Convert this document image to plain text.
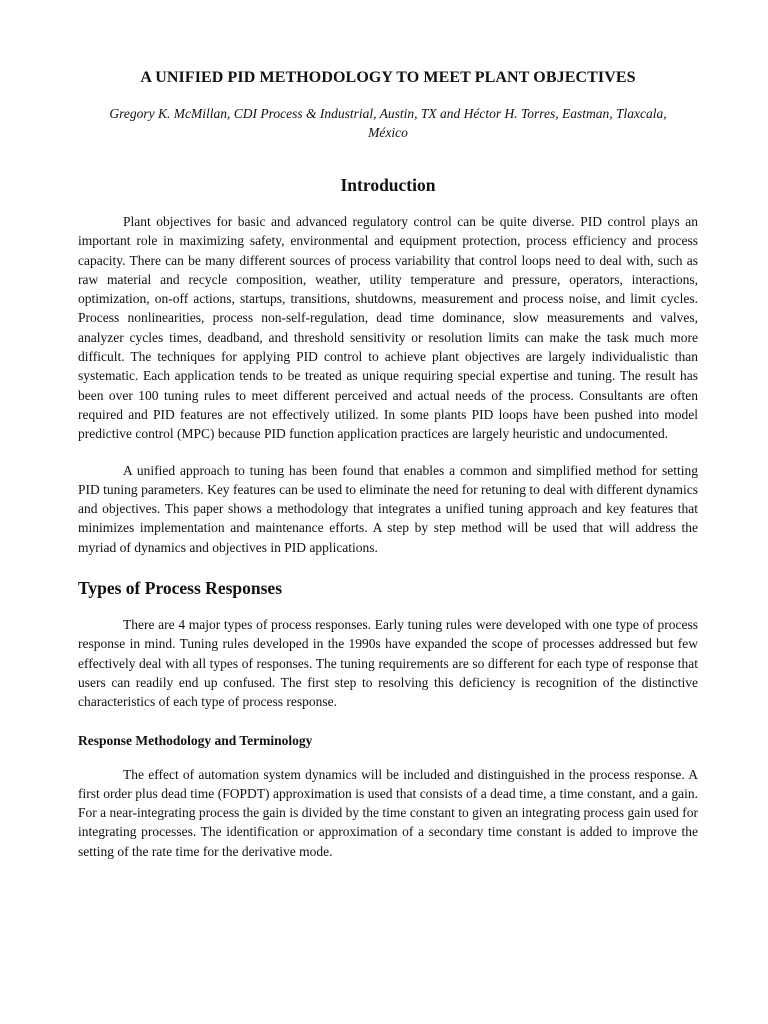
A UNIFIED PID METHODOLOGY TO MEET PLANT OBJECTIVES

Gregory K. McMillan, CDI Process & Industrial, Austin, TX and Héctor H. Torres, Eastman, Tlaxcala, México

Introduction

Plant objectives for basic and advanced regulatory control can be quite diverse. PID control plays an important role in maximizing safety, environmental and equipment protection, process efficiency and process capacity. There can be many different sources of process variability that control loops need to deal with, such as raw material and recycle composition, weather, utility temperature and pressure, operators, interactions, optimization, on-off actions, startups, transitions, shutdowns, measurement and process noise, and limit cycles. Process nonlinearities, process non-self-regulation, dead time dominance, slow measurements and valves, analyzer cycles times, deadband, and threshold sensitivity or resolution limits can make the task much more difficult. The techniques for applying PID control to achieve plant objectives are largely individualistic than systematic. Each application tends to be treated as unique requiring special expertise and tuning. The result has been over 100 tuning rules to meet different perceived and actual needs of the process. Consultants are often required and PID features are not effectively utilized. In some plants PID loops have been pushed into model predictive control (MPC) because PID function application practices are largely heuristic and undocumented.

A unified approach to tuning has been found that enables a common and simplified method for setting PID tuning parameters. Key features can be used to eliminate the need for retuning to deal with different dynamics and objectives. This paper shows a methodology that integrates a unified tuning approach and key features that minimizes implementation and maintenance efforts. A step by step method will be used that will address the myriad of dynamics and objectives in PID applications.

Types of Process Responses

There are 4 major types of process responses. Early tuning rules were developed with one type of process response in mind. Tuning rules developed in the 1990s have expanded the scope of processes addressed but few effectively deal with all types of responses. The tuning requirements are so different for each type of response that users can readily end up confused. The first step to resolving this deficiency is recognition of the distinctive characteristics of each type of process response.

Response Methodology and Terminology

The effect of automation system dynamics will be included and distinguished in the process response. A first order plus dead time (FOPDT) approximation is used that consists of a dead time, a time constant, and a gain. For a near-integrating process the gain is divided by the time constant to given an integrating process gain used for integrating processes. The identification or approximation of a secondary time constant is added to improve the setting of the rate time for the derivative mode.
